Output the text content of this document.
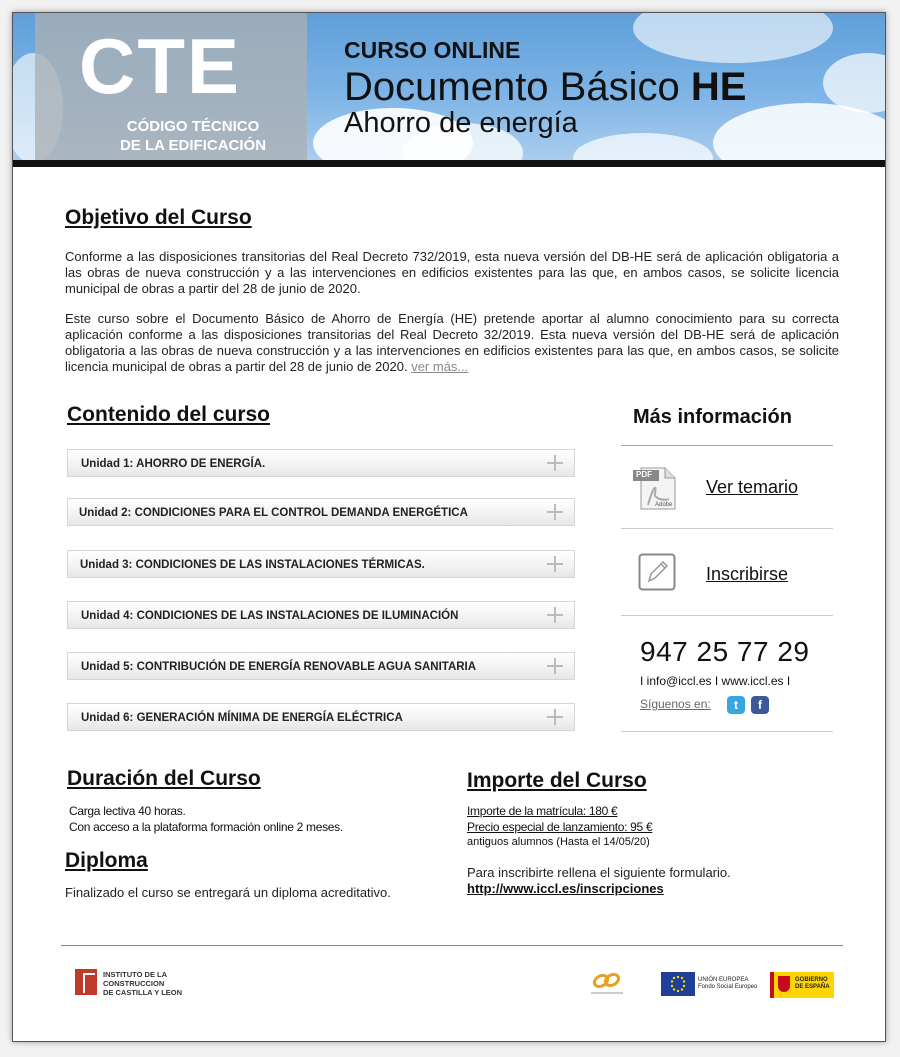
CTE
CÓDIGO TÉCNICO
DE LA EDIFICACIÓN
CURSO ONLINE
Documento Básico HE
Ahorro de energía
Objetivo del Curso

Conforme a las disposiciones transitorias del Real Decreto 732/2019, esta nueva versión del DB-HE será de aplicación obligatoria a las obras de nueva construcción y a las intervenciones en edificios existentes para las que, en ambos casos, se solicite licencia municipal de obras a partir del 28 de junio de 2020.

Este curso sobre el Documento Básico de Ahorro de Energía (HE) pretende aportar al alumno conocimiento para su correcta aplicación conforme a las disposiciones transitorias del Real Decreto 32/2019. Esta nueva versión del DB-HE será de aplicación obligatoria a las obras de nueva construcción y a las intervenciones en edificios existentes para las que, en ambos casos, se solicite licencia municipal de obras a partir del 28 de junio de 2020. ver más...

Contenido del curso
Unidad 1: AHORRO DE ENERGÍA.
Unidad 2: CONDICIONES PARA EL CONTROL DEMANDA ENERGÉTICA
Unidad 3: CONDICIONES DE LAS INSTALACIONES TÉRMICAS.
Unidad 4: CONDICIONES DE LAS INSTALACIONES DE ILUMINACIÓN
Unidad 5: CONTRIBUCIÓN DE ENERGÍA RENOVABLE AGUA SANITARIA
Unidad 6: GENERACIÓN MÍNIMA DE ENERGÍA ELÉCTRICA
Más información
PDF
Adobe
Ver temario
Inscribirse
947 25 77 29
I info@iccl.es I www.iccl.es I
Síguenos en:	t	f
Duración del Curso
Carga lectiva 40 horas.
Con acceso a la plataforma formación online 2 meses.
Diploma
Finalizado el curso se entregará un diploma acreditativo.
Importe del Curso
Importe de la matrícula: 180 €
Precio especial de lanzamiento: 95 €
antiguos alumnos (Hasta el 14/05/20)
Para inscribirte rellena el siguiente formulario.
http://www.iccl.es/inscripciones
INSTITUTO DE LA
CONSTRUCCION
DE CASTILLA Y LEON
UNIÓN EUROPEA
Fondo Social Europeo
GOBIERNO
DE ESPAÑA
